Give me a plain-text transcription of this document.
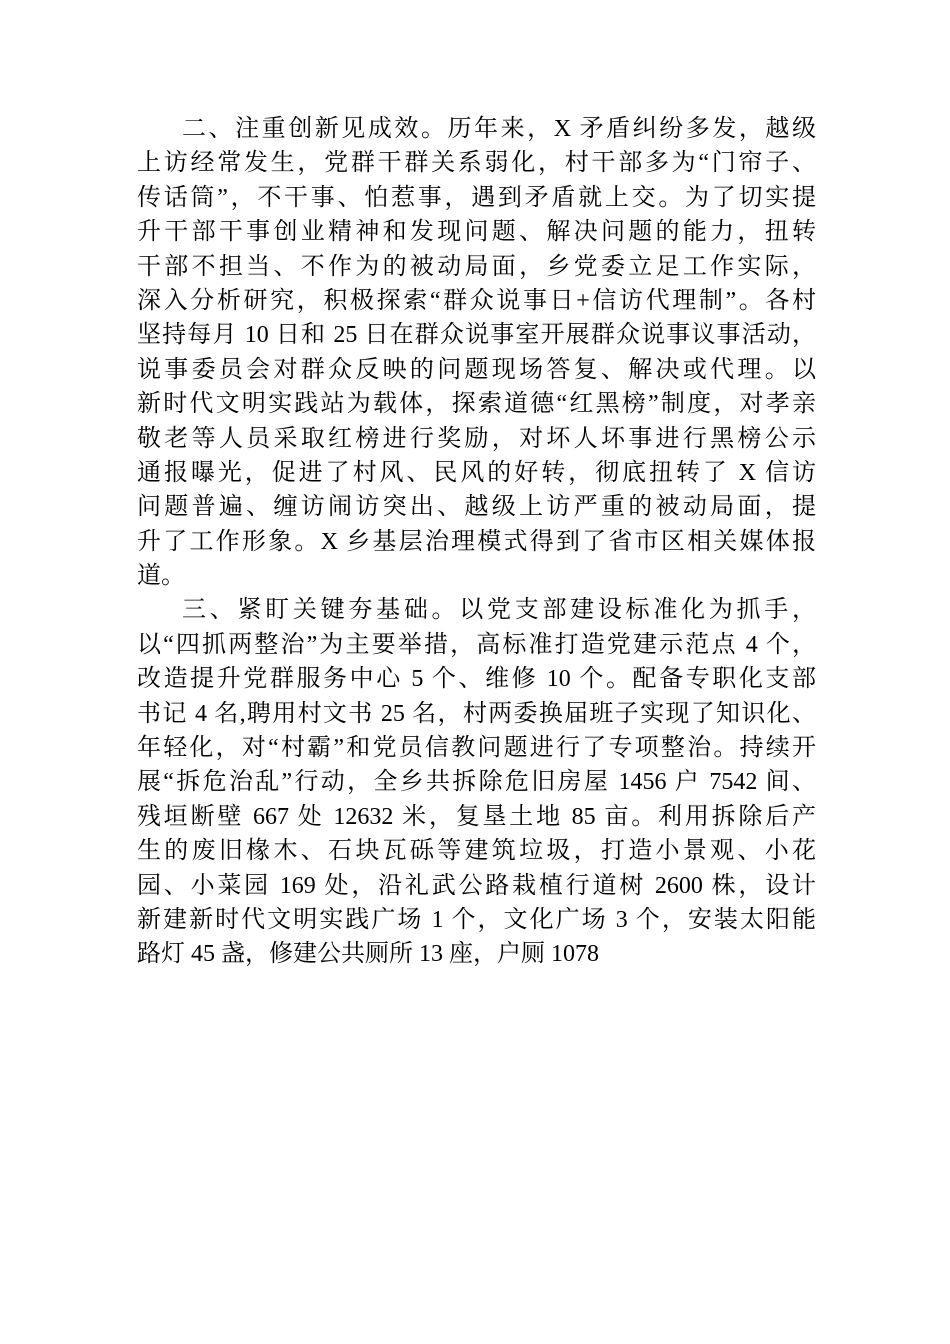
二、注重创新见成效。历年来，X 矛盾纠纷多发，越级
上访经常发生，党群干群关系弱化，村干部多为“门帘子、
传话筒”，不干事、怕惹事，遇到矛盾就上交。为了切实提
升干部干事创业精神和发现问题、解决问题的能力，扭转
干部不担当、不作为的被动局面，乡党委立足工作实际，
深入分析研究，积极探索“群众说事日+信访代理制”。各村
坚持每月 10 日和 25 日在群众说事室开展群众说事议事活动，
说事委员会对群众反映的问题现场答复、解决或代理。以
新时代文明实践站为载体，探索道德“红黑榜”制度，对孝亲
敬老等人员采取红榜进行奖励，对坏人坏事进行黑榜公示
通报曝光，促进了村风、民风的好转，彻底扭转了 X 信访
问题普遍、缠访闹访突出、越级上访严重的被动局面，提
升了工作形象。X 乡基层治理模式得到了省市区相关媒体报
道。
三、紧盯关键夯基础。以党支部建设标准化为抓手，
以“四抓两整治”为主要举措，高标准打造党建示范点 4 个，
改造提升党群服务中心 5 个、维修 10 个。配备专职化支部
书记 4 名,聘用村文书 25 名，村两委换届班子实现了知识化、
年轻化，对“村霸”和党员信教问题进行了专项整治。持续开
展“拆危治乱”行动，全乡共拆除危旧房屋 1456 户 7542 间、
残垣断壁 667 处 12632 米，复垦土地 85 亩。利用拆除后产
生的废旧椽木、石块瓦砾等建筑垃圾，打造小景观、小花
园、小菜园 169 处，沿礼武公路栽植行道树 2600 株，设计
新建新时代文明实践广场 1 个，文化广场 3 个，安装太阳能
路灯 45 盏，修建公共厕所 13 座，户厕 1078
